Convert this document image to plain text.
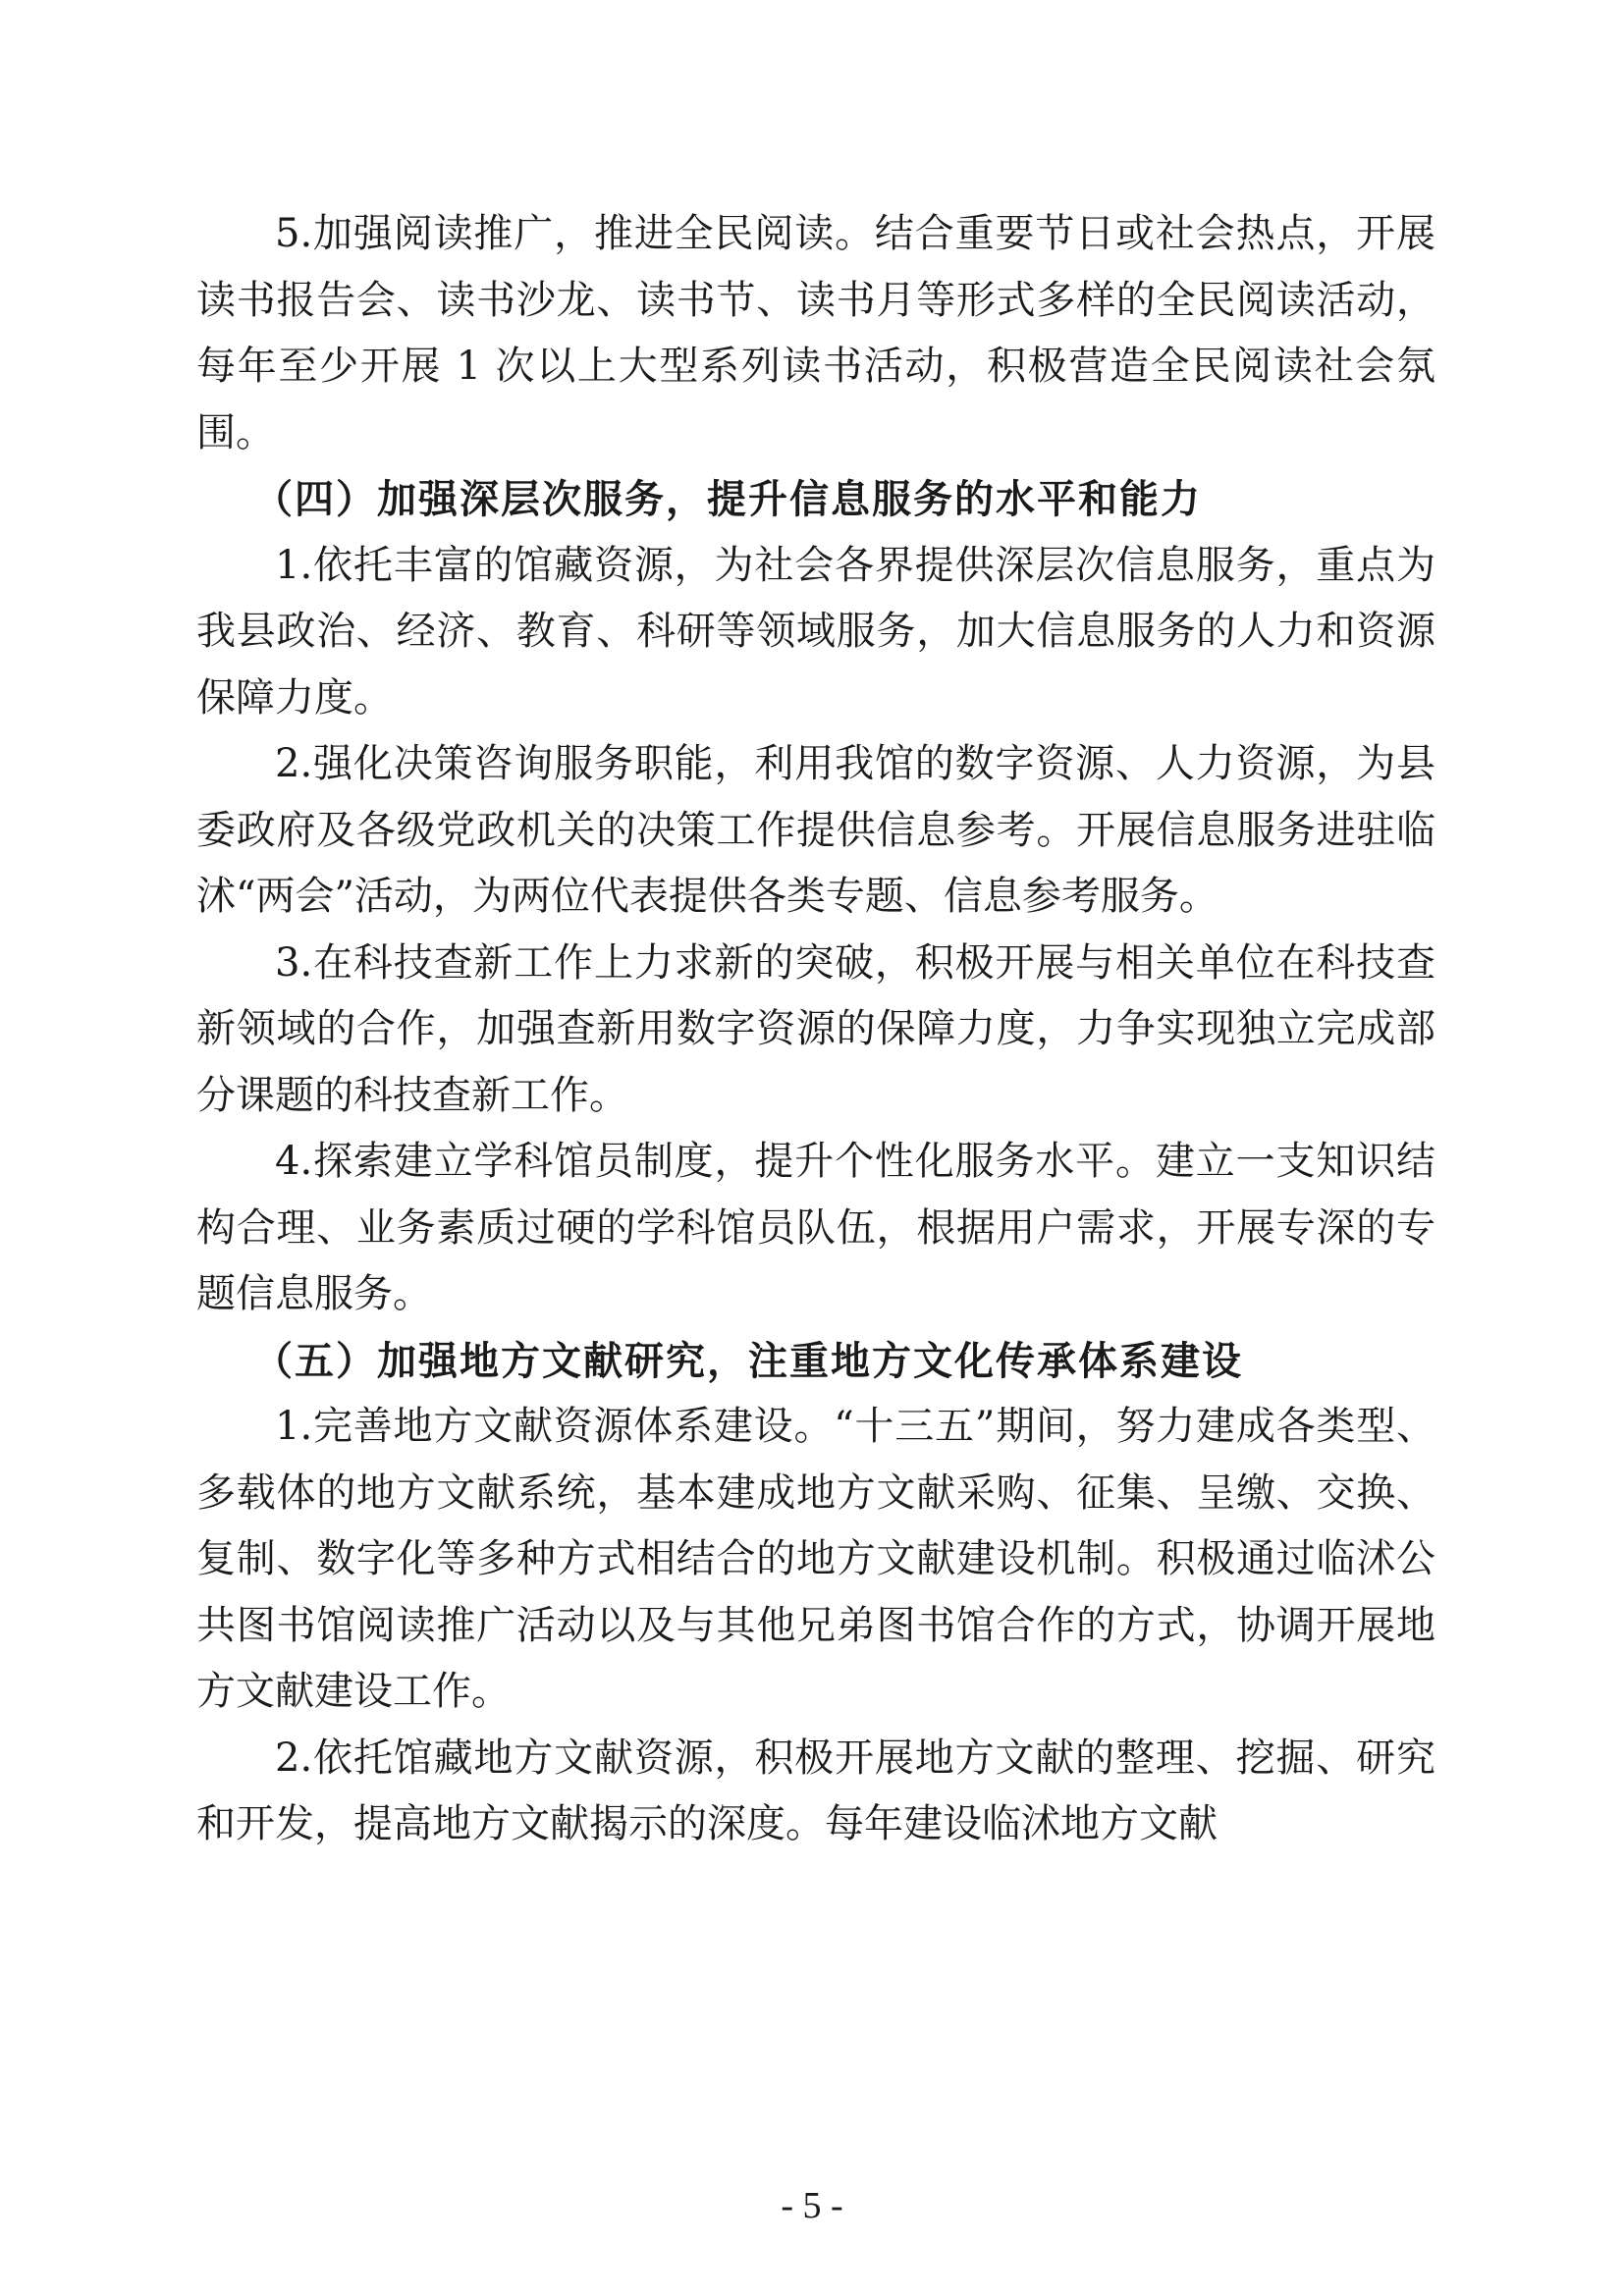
5.加强阅读推广，推进全民阅读。结合重要节日或社会热点，开展读书报告会、读书沙龙、读书节、读书月等形式多样的全民阅读活动，每年至少开展 1 次以上大型系列读书活动，积极营造全民阅读社会氛围。

（四）加强深层次服务，提升信息服务的水平和能力

1.依托丰富的馆藏资源，为社会各界提供深层次信息服务，重点为我县政治、经济、教育、科研等领域服务，加大信息服务的人力和资源保障力度。

2.强化决策咨询服务职能，利用我馆的数字资源、人力资源，为县委政府及各级党政机关的决策工作提供信息参考。开展信息服务进驻临沭“两会”活动，为两位代表提供各类专题、信息参考服务。

3.在科技查新工作上力求新的突破，积极开展与相关单位在科技查新领域的合作，加强查新用数字资源的保障力度，力争实现独立完成部分课题的科技查新工作。

4.探索建立学科馆员制度，提升个性化服务水平。建立一支知识结构合理、业务素质过硬的学科馆员队伍，根据用户需求，开展专深的专题信息服务。

（五）加强地方文献研究，注重地方文化传承体系建设

1.完善地方文献资源体系建设。“十三五”期间，努力建成各类型、多载体的地方文献系统，基本建成地方文献采购、征集、呈缴、交换、复制、数字化等多种方式相结合的地方文献建设机制。积极通过临沭公共图书馆阅读推广活动以及与其他兄弟图书馆合作的方式，协调开展地方文献建设工作。

2.依托馆藏地方文献资源，积极开展地方文献的整理、挖掘、研究和开发，提高地方文献揭示的深度。每年建设临沭地方文献

- 5 -
